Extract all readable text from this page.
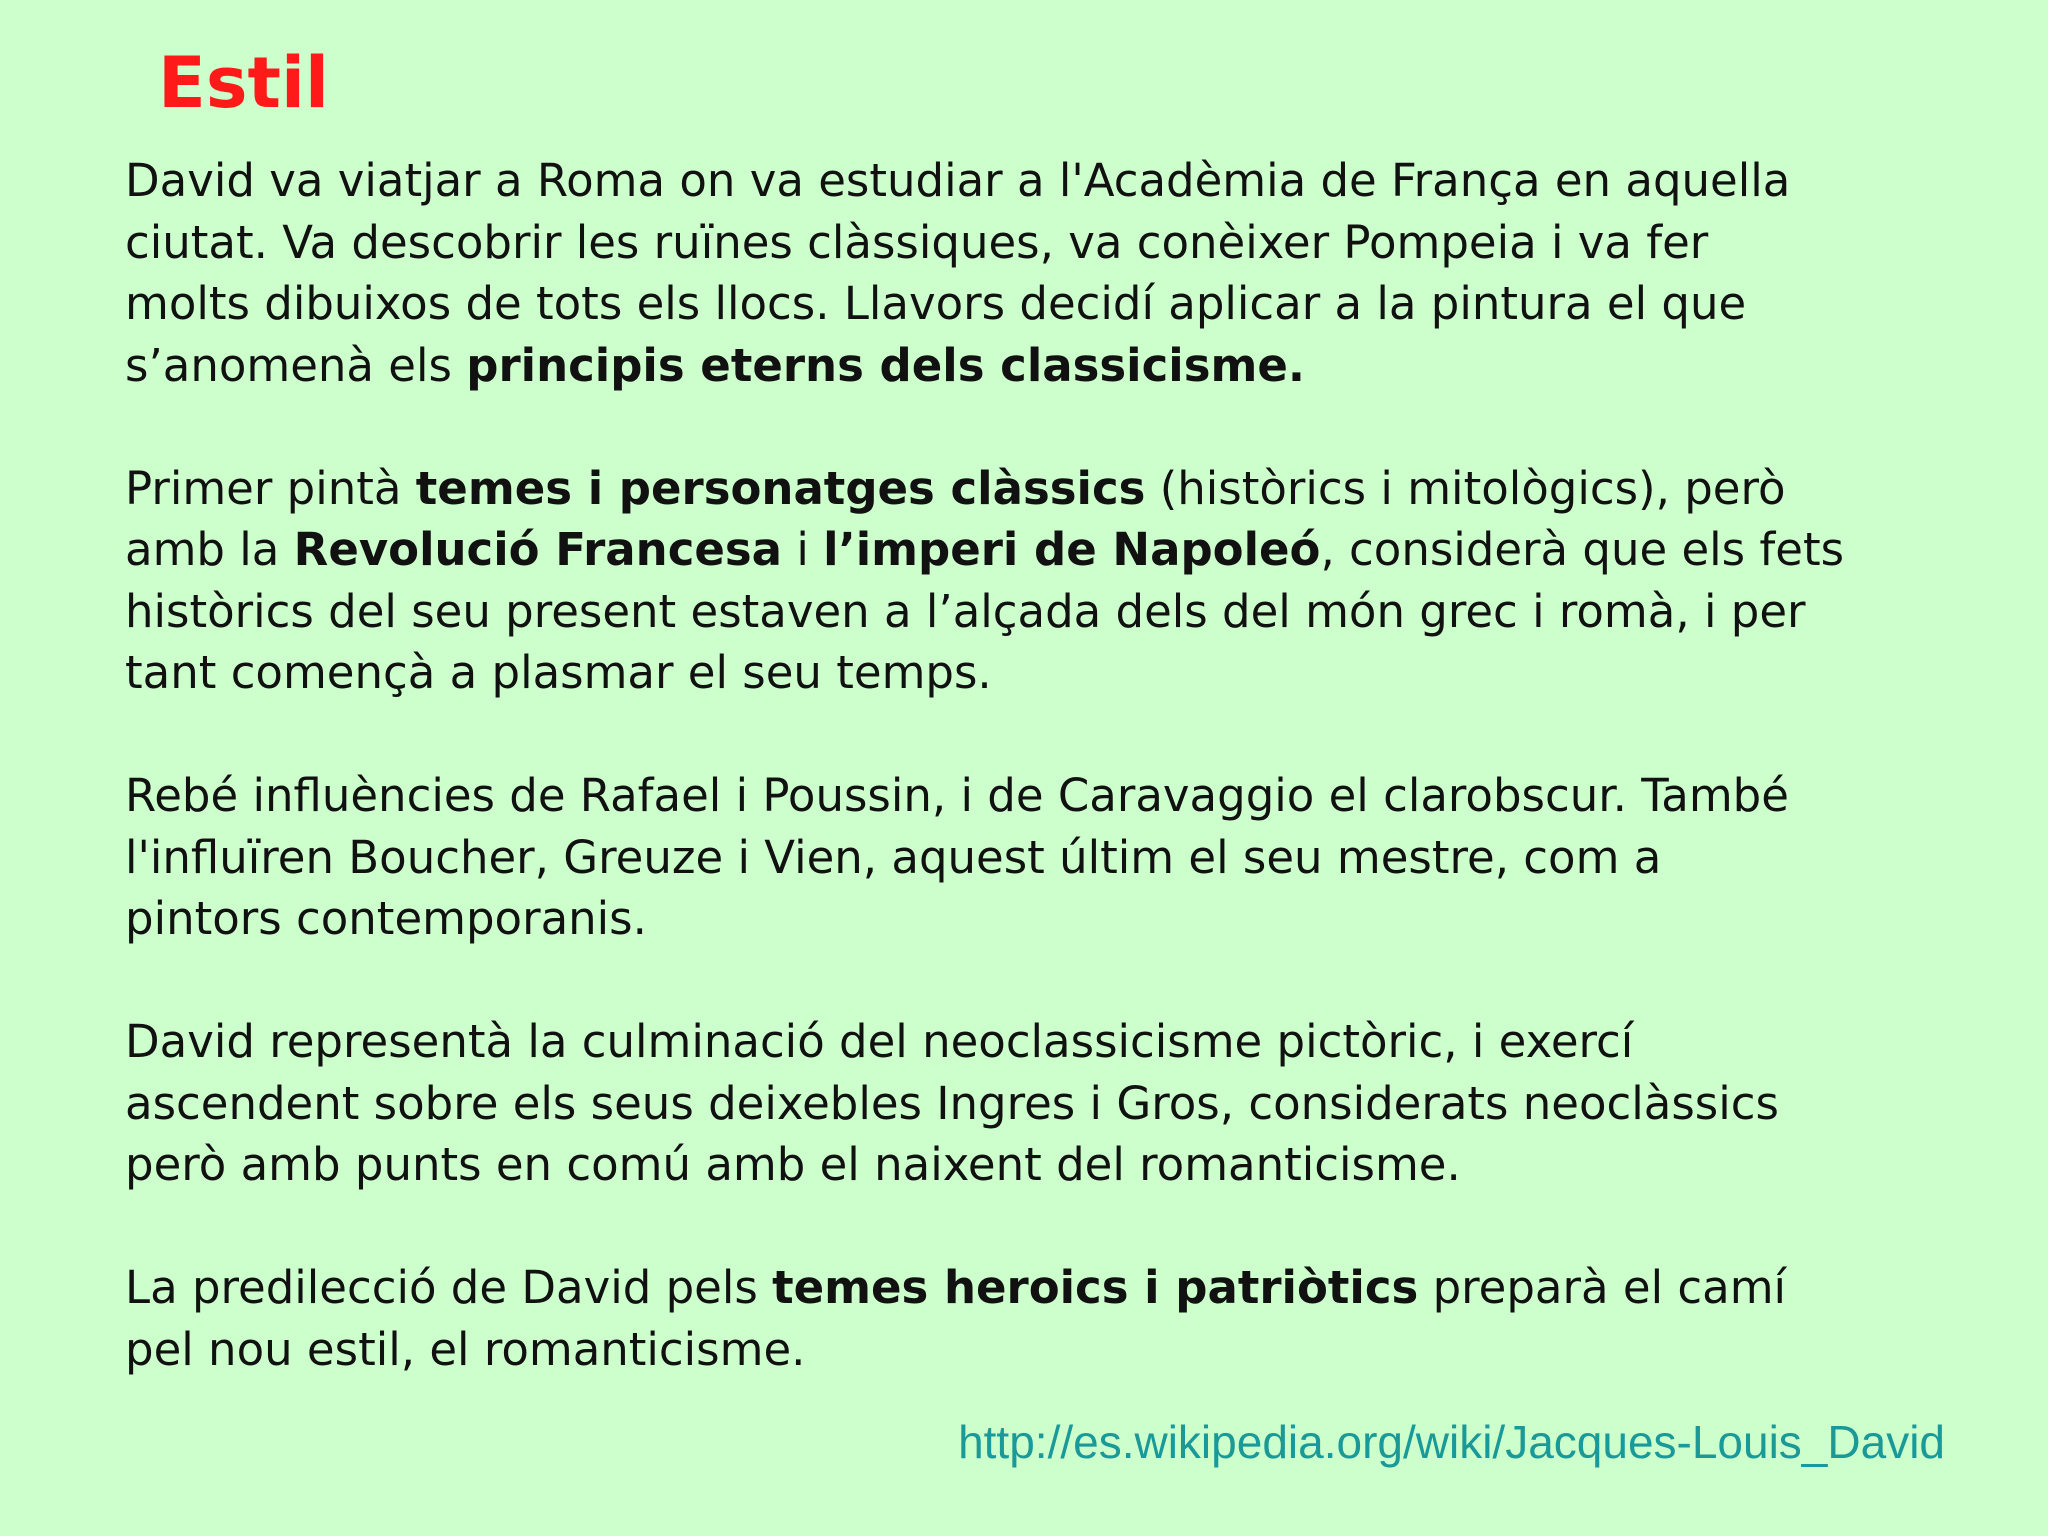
Estil

David va viatjar a Roma on va estudiar a l'Acadèmia de França en aquella
ciutat. Va descobrir les ruïnes clàssiques, va conèixer Pompeia i va fer
molts dibuixos de tots els llocs. Llavors decidí aplicar a la pintura el que
s’anomenà els principis eterns dels classicisme.

Primer pintà temes i personatges clàssics (històrics i mitològics), però
amb la Revolució Francesa i l’imperi de Napoleó, considerà que els fets
històrics del seu present estaven a l’alçada dels del món grec i romà, i per
tant començà a plasmar el seu temps.

Rebé influències de Rafael i Poussin, i de Caravaggio el clarobscur. També
l'influïren Boucher, Greuze i Vien, aquest últim el seu mestre, com a
pintors contemporanis.

David representà la culminació del neoclassicisme pictòric, i exercí
ascendent sobre els seus deixebles Ingres i Gros, considerats neoclàssics
però amb punts en comú amb el naixent del romanticisme.

La predilecció de David pels temes heroics i patriòtics preparà el camí
pel nou estil, el romanticisme.

http://es.wikipedia.org/wiki/Jacques-Louis_David
